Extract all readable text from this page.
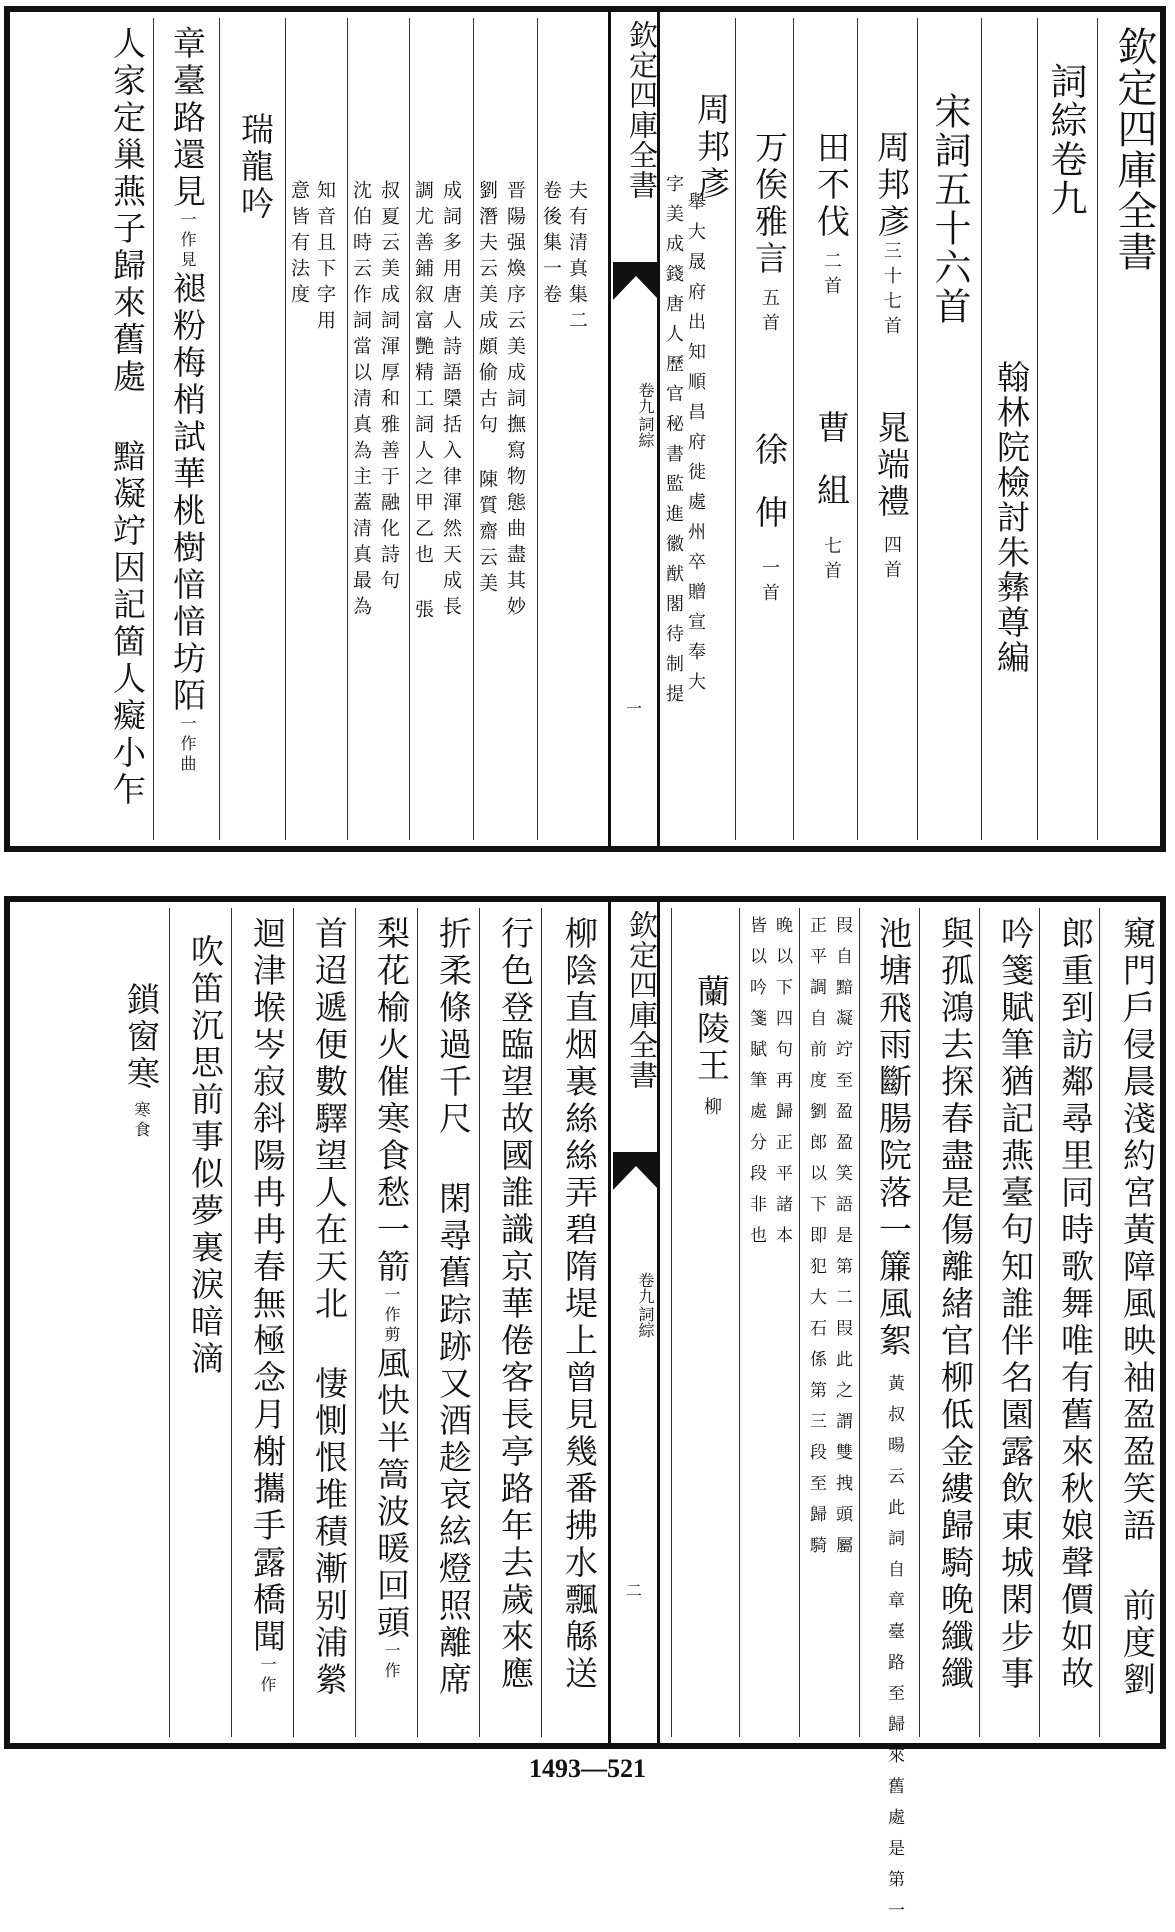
欽定四庫全書
詞綜卷九
翰林院檢討朱彝尊編
宋詞五十六首
周邦彥三十七首
晁端禮四首
田不伐二首
曹組七首
万俟雅言五首
徐伸一首
周邦彥
字美成錢唐人歷官秘書監進徽猷閣待制提 舉大晟府出知順昌府徙處州卒贈宣奉大
欽定四庫全書
詞綜
卷九
一
夫有清真集二
卷後集一卷
晋陽强煥序云美成詞撫寫物態曲盡其妙
劉潛夫云美成頗偷古句 陳質齋云美
成詞多用唐人詩語檃括入律渾然天成長
調尤善鋪叙富艷精工詞人之甲乙也 張
叔夏云美成詞渾厚和雅善于融化詩句
沈伯時云作詞當以清真為主蓋清真最為
知音且下字用
意皆有法度
瑞龍吟
章臺路還見一作見褪粉梅梢試華桃樹愔愔坊陌一作曲
人家定巢燕子歸來舊處 黯凝竚因記箇人癡小乍
窺門戶侵晨淺約宮黃障風映袖盈盈笑語 前度劉
郎重到訪鄰尋里同時歌舞唯有舊來秋娘聲價如故
吟箋賦筆猶記燕臺句知誰伴名園露飲東城閑步事
與孤鴻去探春盡是傷離緒官柳低金縷歸騎晚纖纖
池塘飛雨斷腸院落一簾風絮
黃叔暘云此詞自章臺路至歸來舊處是第一
叚自黯凝竚至盈盈笑語是第二叚此之謂雙拽頭屬
正平調自前度劉郎以下即犯大石係第三段至歸騎
晚以下四句再歸正平諸本
皆以吟箋賦筆處分段非也
蘭陵王柳
欽定四庫全書
詞綜
卷九
二
柳陰直烟裏絲絲弄碧隋堤上曾見幾番拂水飄緜送
行色登臨望故國誰識京華倦客長亭路年去歲來應
折柔條過千尺 閑尋舊踪跡又酒趁哀絃燈照離席
梨花榆火催寒食愁一箭一作剪風快半篙波暖回頭一作
首迢遞便數驛望人在天北 悽惻恨堆積漸别浦縈
迴津堠岑寂斜陽冉冉春無極念月榭攜手露橋聞一作
吹笛沉思前事似夢裏淚暗滴
鎖窗寒寒食
1493—521
